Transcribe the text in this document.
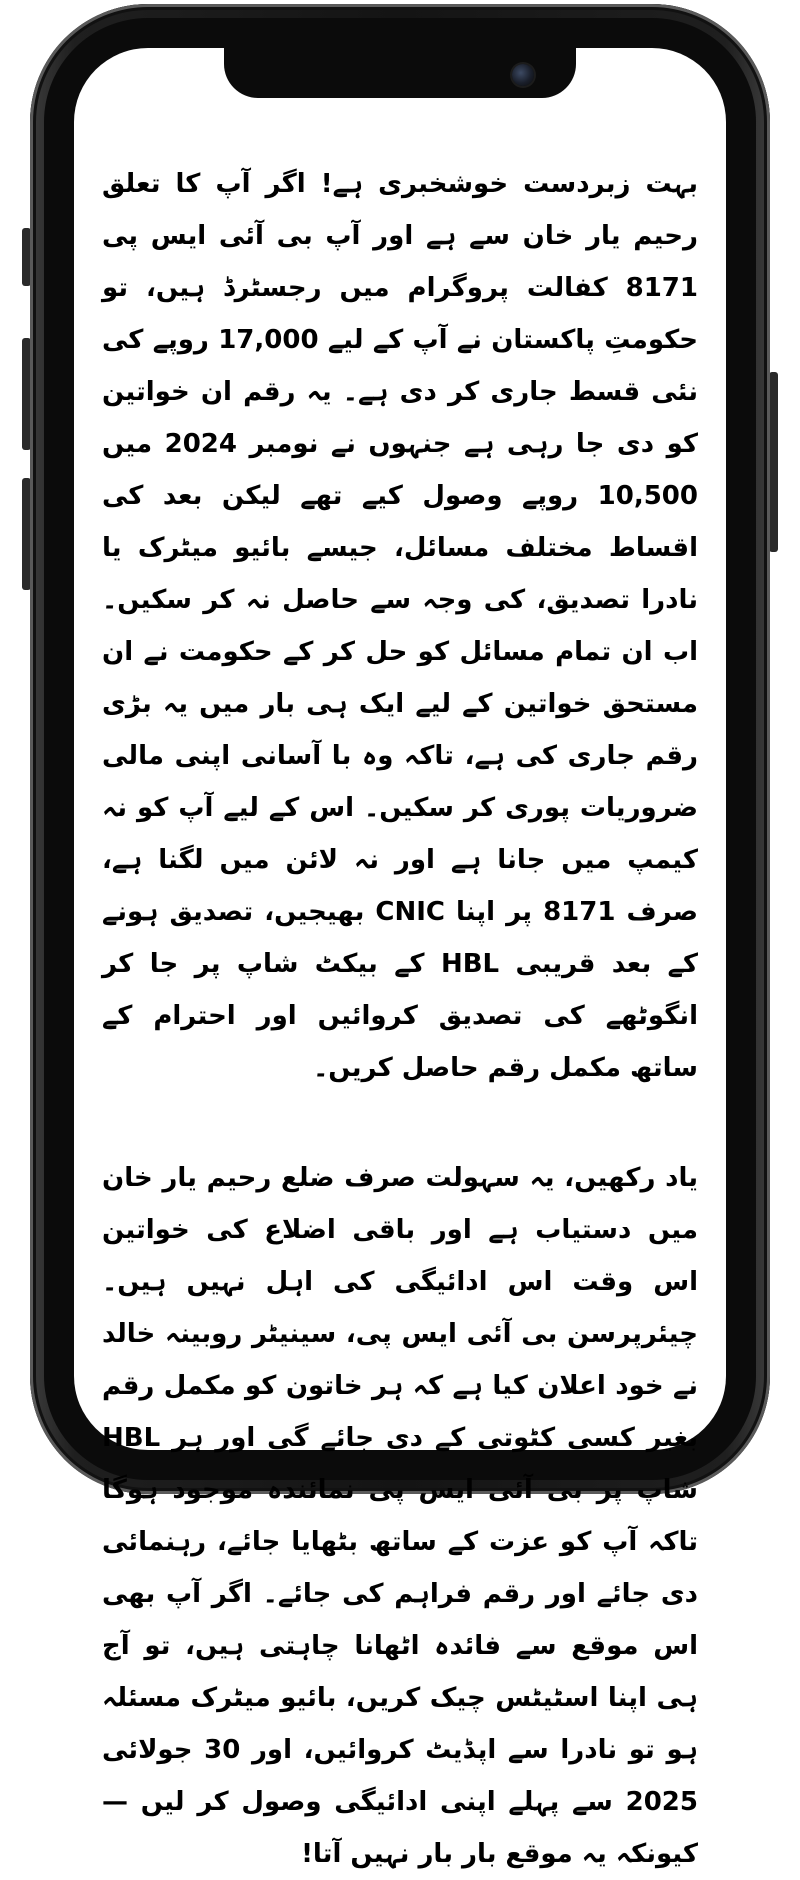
بہت زبردست خوشخبری ہے! اگر آپ کا تعلق رحیم یار خان سے ہے اور آپ بی آئی ایس پی 8171 کفالت پروگرام میں رجسٹرڈ ہیں، تو حکومتِ پاکستان نے آپ کے لیے 17,000 روپے کی نئی قسط جاری کر دی ہے۔ یہ رقم ان خواتین کو دی جا رہی ہے جنہوں نے نومبر 2024 میں 10,500 روپے وصول کیے تھے لیکن بعد کی اقساط مختلف مسائل، جیسے بائیو میٹرک یا نادرا تصدیق، کی وجہ سے حاصل نہ کر سکیں۔ اب ان تمام مسائل کو حل کر کے حکومت نے ان مستحق خواتین کے لیے ایک ہی بار میں یہ بڑی رقم جاری کی ہے، تاکہ وہ با آسانی اپنی مالی ضروریات پوری کر سکیں۔ اس کے لیے آپ کو نہ کیمپ میں جانا ہے اور نہ لائن میں لگنا ہے، صرف 8171 پر اپنا CNIC بھیجیں، تصدیق ہونے کے بعد قریبی HBL کے بیکٹ شاپ پر جا کر انگوٹھے کی تصدیق کروائیں اور احترام کے ساتھ مکمل رقم حاصل کریں۔

یاد رکھیں، یہ سہولت صرف ضلع رحیم یار خان میں دستیاب ہے اور باقی اضلاع کی خواتین اس وقت اس ادائیگی کی اہل نہیں ہیں۔ چیئرپرسن بی آئی ایس پی، سینیٹر روبینہ خالد نے خود اعلان کیا ہے کہ ہر خاتون کو مکمل رقم بغیر کسی کٹوتی کے دی جائے گی اور ہر HBL شاپ پر بی آئی ایس پی نمائندہ موجود ہوگا تاکہ آپ کو عزت کے ساتھ بٹھایا جائے، رہنمائی دی جائے اور رقم فراہم کی جائے۔ اگر آپ بھی اس موقع سے فائدہ اٹھانا چاہتی ہیں، تو آج ہی اپنا اسٹیٹس چیک کریں، بائیو میٹرک مسئلہ ہو تو نادرا سے اپڈیٹ کروائیں، اور 30 جولائی 2025 سے پہلے اپنی ادائیگی وصول کر لیں — کیونکہ یہ موقع بار بار نہیں آتا!
